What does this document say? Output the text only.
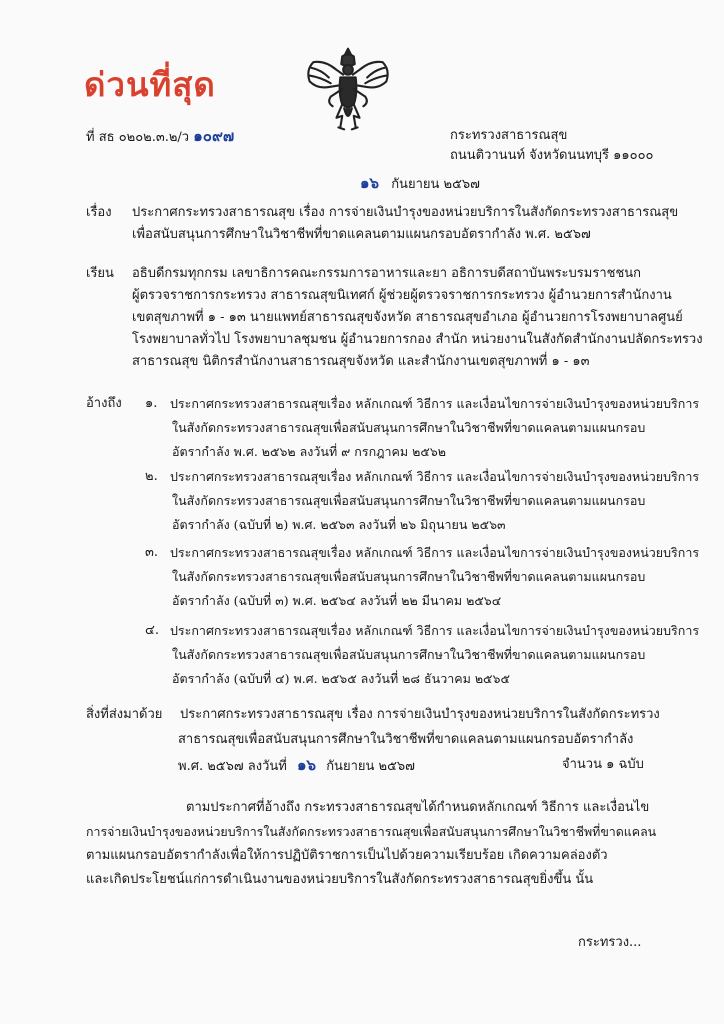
ด่วนที่สุด
ที่ สธ ๐๒๐๒.๓.๒/ว ๑๐๙๗	กระทรวงสาธารณสุข
ถนนติวานนท์ จังหวัดนนทบุรี ๑๑๐๐๐
๑๖ กันยายน ๒๕๖๗
เรื่อง ประกาศกระทรวงสาธารณสุข เรื่อง การจ่ายเงินบำรุงของหน่วยบริการในสังกัดกระทรวงสาธารณสุข
เพื่อสนับสนุนการศึกษาในวิชาชีพที่ขาดแคลนตามแผนกรอบอัตรากำลัง พ.ศ. ๒๕๖๗
เรียน อธิบดีกรมทุกกรม เลขาธิการคณะกรรมการอาหารและยา อธิการบดีสถาบันพระบรมราชชนก
ผู้ตรวจราชการกระทรวง สาธารณสุขนิเทศก์ ผู้ช่วยผู้ตรวจราชการกระทรวง ผู้อำนวยการสำนักงาน
เขตสุขภาพที่ ๑ - ๑๓ นายแพทย์สาธารณสุขจังหวัด สาธารณสุขอำเภอ ผู้อำนวยการโรงพยาบาลศูนย์
โรงพยาบาลทั่วไป โรงพยาบาลชุมชน ผู้อำนวยการกอง สำนัก หน่วยงานในสังกัดสำนักงานปลัดกระทรวง
สาธารณสุข นิติกรสำนักงานสาธารณสุขจังหวัด และสำนักงานเขตสุขภาพที่ ๑ - ๑๓
อ้างถึง ๑. ประกาศกระทรวงสาธารณสุขเรื่อง หลักเกณฑ์ วิธีการ และเงื่อนไขการจ่ายเงินบำรุงของหน่วยบริการ
ในสังกัดกระทรวงสาธารณสุขเพื่อสนับสนุนการศึกษาในวิชาชีพที่ขาดแคลนตามแผนกรอบ
อัตรากำลัง พ.ศ. ๒๕๖๒ ลงวันที่ ๙ กรกฎาคม ๒๕๖๒
๒. ประกาศกระทรวงสาธารณสุขเรื่อง หลักเกณฑ์ วิธีการ และเงื่อนไขการจ่ายเงินบำรุงของหน่วยบริการ
ในสังกัดกระทรวงสาธารณสุขเพื่อสนับสนุนการศึกษาในวิชาชีพที่ขาดแคลนตามแผนกรอบ
อัตรากำลัง (ฉบับที่ ๒) พ.ศ. ๒๕๖๓ ลงวันที่ ๒๖ มิถุนายน ๒๕๖๓
๓. ประกาศกระทรวงสาธารณสุขเรื่อง หลักเกณฑ์ วิธีการ และเงื่อนไขการจ่ายเงินบำรุงของหน่วยบริการ
ในสังกัดกระทรวงสาธารณสุขเพื่อสนับสนุนการศึกษาในวิชาชีพที่ขาดแคลนตามแผนกรอบ
อัตรากำลัง (ฉบับที่ ๓) พ.ศ. ๒๕๖๔ ลงวันที่ ๒๒ มีนาคม ๒๕๖๔
๔. ประกาศกระทรวงสาธารณสุขเรื่อง หลักเกณฑ์ วิธีการ และเงื่อนไขการจ่ายเงินบำรุงของหน่วยบริการ
ในสังกัดกระทรวงสาธารณสุขเพื่อสนับสนุนการศึกษาในวิชาชีพที่ขาดแคลนตามแผนกรอบ
อัตรากำลัง (ฉบับที่ ๔) พ.ศ. ๒๕๖๕ ลงวันที่ ๒๘ ธันวาคม ๒๕๖๕
สิ่งที่ส่งมาด้วย ประกาศกระทรวงสาธารณสุข เรื่อง การจ่ายเงินบำรุงของหน่วยบริการในสังกัดกระทรวง
สาธารณสุขเพื่อสนับสนุนการศึกษาในวิชาชีพที่ขาดแคลนตามแผนกรอบอัตรากำลัง
พ.ศ. ๒๕๖๗ ลงวันที่ ๑๖ กันยายน ๒๕๖๗	จำนวน ๑ ฉบับ
ตามประกาศที่อ้างถึง กระทรวงสาธารณสุขได้กำหนดหลักเกณฑ์ วิธีการ และเงื่อนไข
การจ่ายเงินบำรุงของหน่วยบริการในสังกัดกระทรวงสาธารณสุขเพื่อสนับสนุนการศึกษาในวิชาชีพที่ขาดแคลน
ตามแผนกรอบอัตรากำลังเพื่อให้การปฏิบัติราชการเป็นไปด้วยความเรียบร้อย เกิดความคล่องตัว
และเกิดประโยชน์แก่การดำเนินงานของหน่วยบริการในสังกัดกระทรวงสาธารณสุขยิ่งขึ้น นั้น
กระทรวง...
